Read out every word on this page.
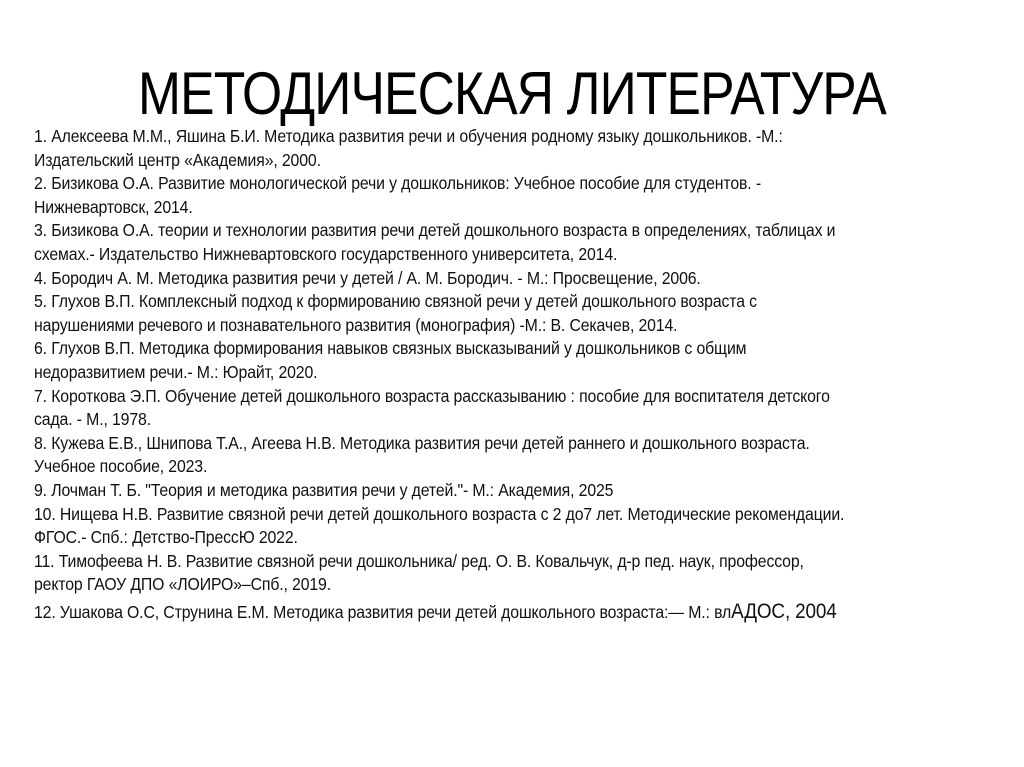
МЕТОДИЧЕСКАЯ ЛИТЕРАТУРА
1. Алексеева М.М., Яшина Б.И. Методика развития речи и обучения родному языку дошкольников. -М.:
Издательский центр «Академия», 2000.
2. Бизикова О.А. Развитие монологической речи у дошкольников: Учебное пособие для студентов. -
Нижневартовск, 2014.
3. Бизикова О.А. теории и технологии развития речи детей дошкольного возраста в определениях, таблицах и
схемах.- Издательство Нижневартовского государственного университета, 2014.
4. Бородич А. М. Методика развития речи у детей / А. М. Бородич. - М.: Просвещение, 2006.
5. Глухов В.П. Комплексный подход к формированию связной речи у детей дошкольного возраста с
нарушениями речевого и познавательного развития (монография) -М.: В. Секачев, 2014.
6. Глухов В.П. Методика формирования навыков связных высказываний у дошкольников с общим
недоразвитием речи.- М.: Юрайт, 2020.
7. Короткова Э.П. Обучение детей дошкольного возраста рассказыванию : пособие для воспитателя детского
сада. - М., 1978.
8. Кужева Е.В., Шнипова Т.А., Агеева Н.В. Методика развития речи детей раннего и дошкольного возраста.
Учебное пособие, 2023.
9. Лочман Т. Б. "Теория и методика развития речи у детей."- М.: Академия, 2025
10. Нищева Н.В. Развитие связной речи детей дошкольного возраста с 2 до7 лет. Методические рекомендации.
ФГОС.- Спб.: Детство-ПрессЮ 2022.
11. Тимофеева Н. В. Развитие связной речи дошкольника/ ред. О. В. Ковальчук, д-р пед. наук, профессор,
ректор ГАОУ ДПО «ЛОИРО»–Спб., 2019.
12. Ушакова О.С, Струнина Е.М. Методика развития речи детей дошкольного возраста:— М.: влАДОС, 2004
